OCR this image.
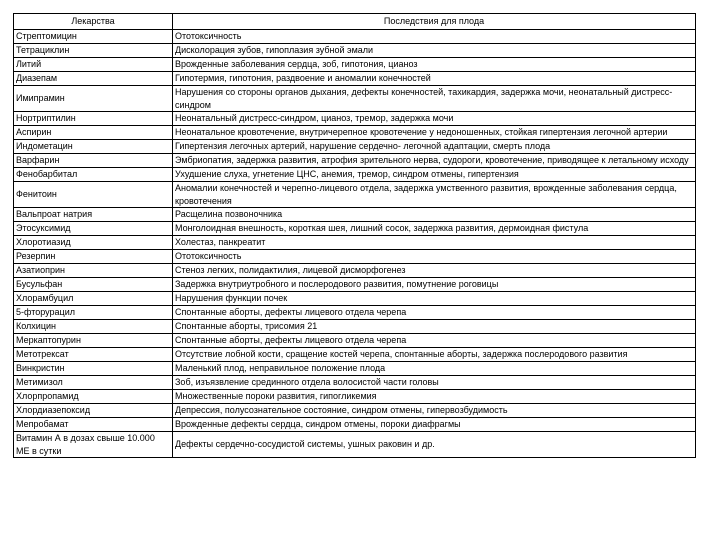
Лекарства	Последствия для плода
Стрептомицин	Ототоксичность
Тетрациклин	Дисколорация зубов, гипоплазия зубной эмали
Литий	Врожденные заболевания сердца, зоб, гипотония, цианоз
Диазепам	Гипотермия, гипотония, раздвоение и аномалии конечностей
Имипрамин	Нарушения со стороны органов дыхания, дефекты конечностей, тахикардия, задержка мочи, неонатальный дистресс-синдром
Нортриптилин	Неонатальный дистресс-синдром, цианоз, тремор, задержка мочи
Аспирин	Неонатальное кровотечение, внутричерепное кровотечение у недоношенных, стойкая гипертензия легочной артерии
Индометацин	Гипертензия легочных артерий, нарушение сердечно- легочной адаптации, смерть плода
Варфарин	Эмбриопатия, задержка развития, атрофия зрительного нерва, судороги, кровотечение, приводящее к летальному исходу
Фенобарбитал	Ухудшение слуха, угнетение ЦНС, анемия, тремор, синдром отмены, гипертензия
Фенитоин	Аномалии конечностей и черепно-лицевого отдела, задержка умственного развития, врожденные заболевания сердца, кровотечения
Вальпроат натрия	Расщелина позвоночника
Этосуксимид	Монголоидная внешность, короткая шея, лишний сосок, задержка развития, дермоидная фистула
Хлоротиазид	Холестаз, панкреатит
Резерпин	Ототоксичность
Азатиоприн	Стеноз легких, полидактилия, лицевой дисморфогенез
Бусульфан	Задержка внутриутробного и послеродового развития, помутнение роговицы
Хлорамбуцил	Нарушения функции почек
5-фторурацил	Спонтанные аборты, дефекты лицевого отдела черепа
Колхицин	Спонтанные аборты, трисомия 21
Меркаптопурин	Спонтанные аборты, дефекты лицевого отдела черепа
Метотрексат	Отсутствие лобной кости, сращение костей черепа, спонтанные аборты, задержка послеродового развития
Винкристин	Маленький плод, неправильное положение плода
Метимизол	Зоб, изъязвление срединного отдела волосистой части головы
Хлорпропамид	Множественные пороки развития, гипогликемия
Хлордиазепоксид	Депрессия, полусознательное состояние, синдром отмены, гипервозбудимость
Мепробамат	Врожденные дефекты сердца, синдром отмены, пороки диафрагмы
Витамин А в дозах свыше 10.000 МЕ в сутки	Дефекты сердечно-сосудистой системы, ушных раковин и др.
